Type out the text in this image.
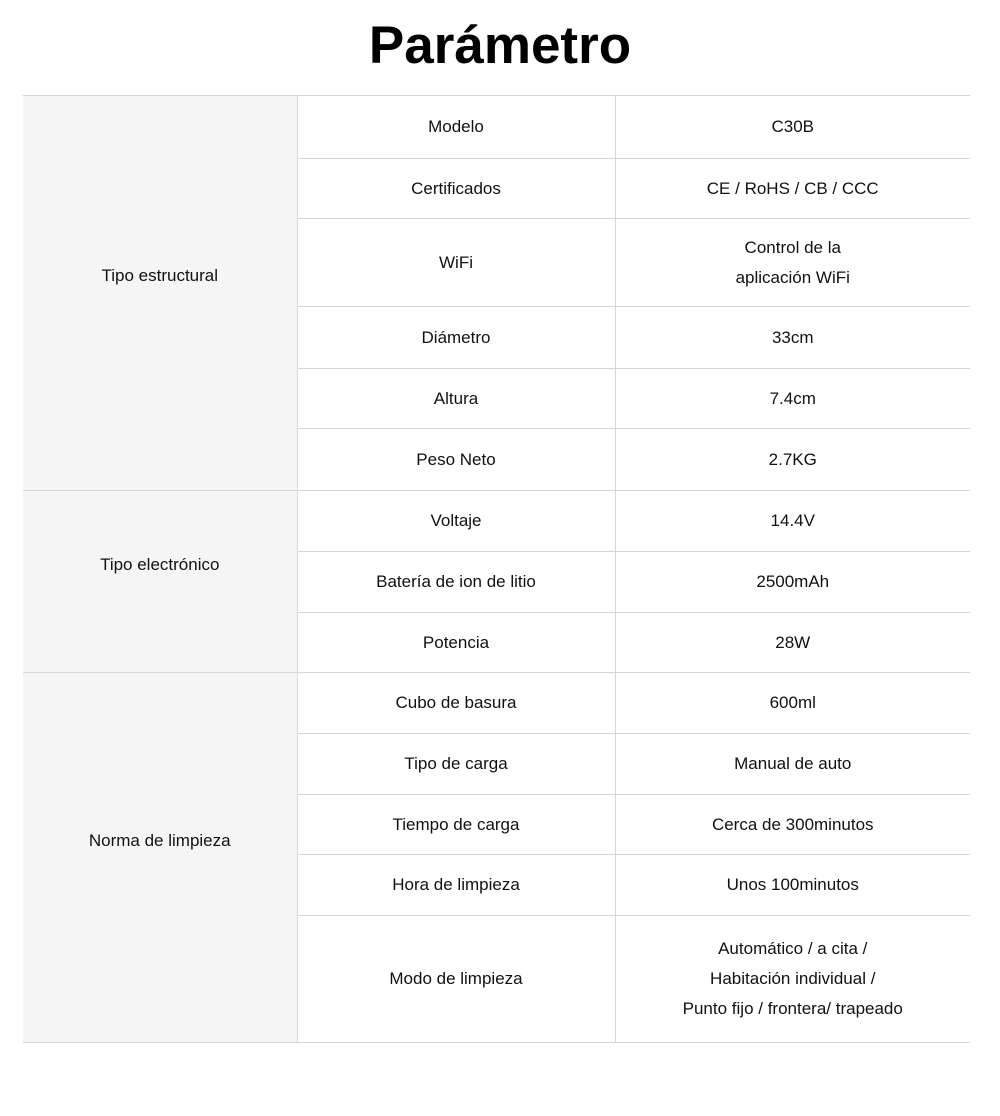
Parámetro
Tipo estructural	Modelo	C30B
	Certificados	CE / RoHS / CB / CCC
	WiFi	Control de la
aplicación WiFi

	Diámetro	33cm
	Altura	7.4cm
	Peso Neto	2.7KG
Tipo electrónico	Voltaje	14.4V
	Batería de ion de litio	2500mAh
	Potencia	28W
Norma de limpieza	Cubo de basura	600ml
	Tipo de carga	Manual de auto
	Tiempo de carga	Cerca de 300minutos
	Hora de limpieza	Unos 100minutos
	Modo de limpieza	Automático / a cita /
Habitación individual /
Punto fijo / frontera/ trapeado
